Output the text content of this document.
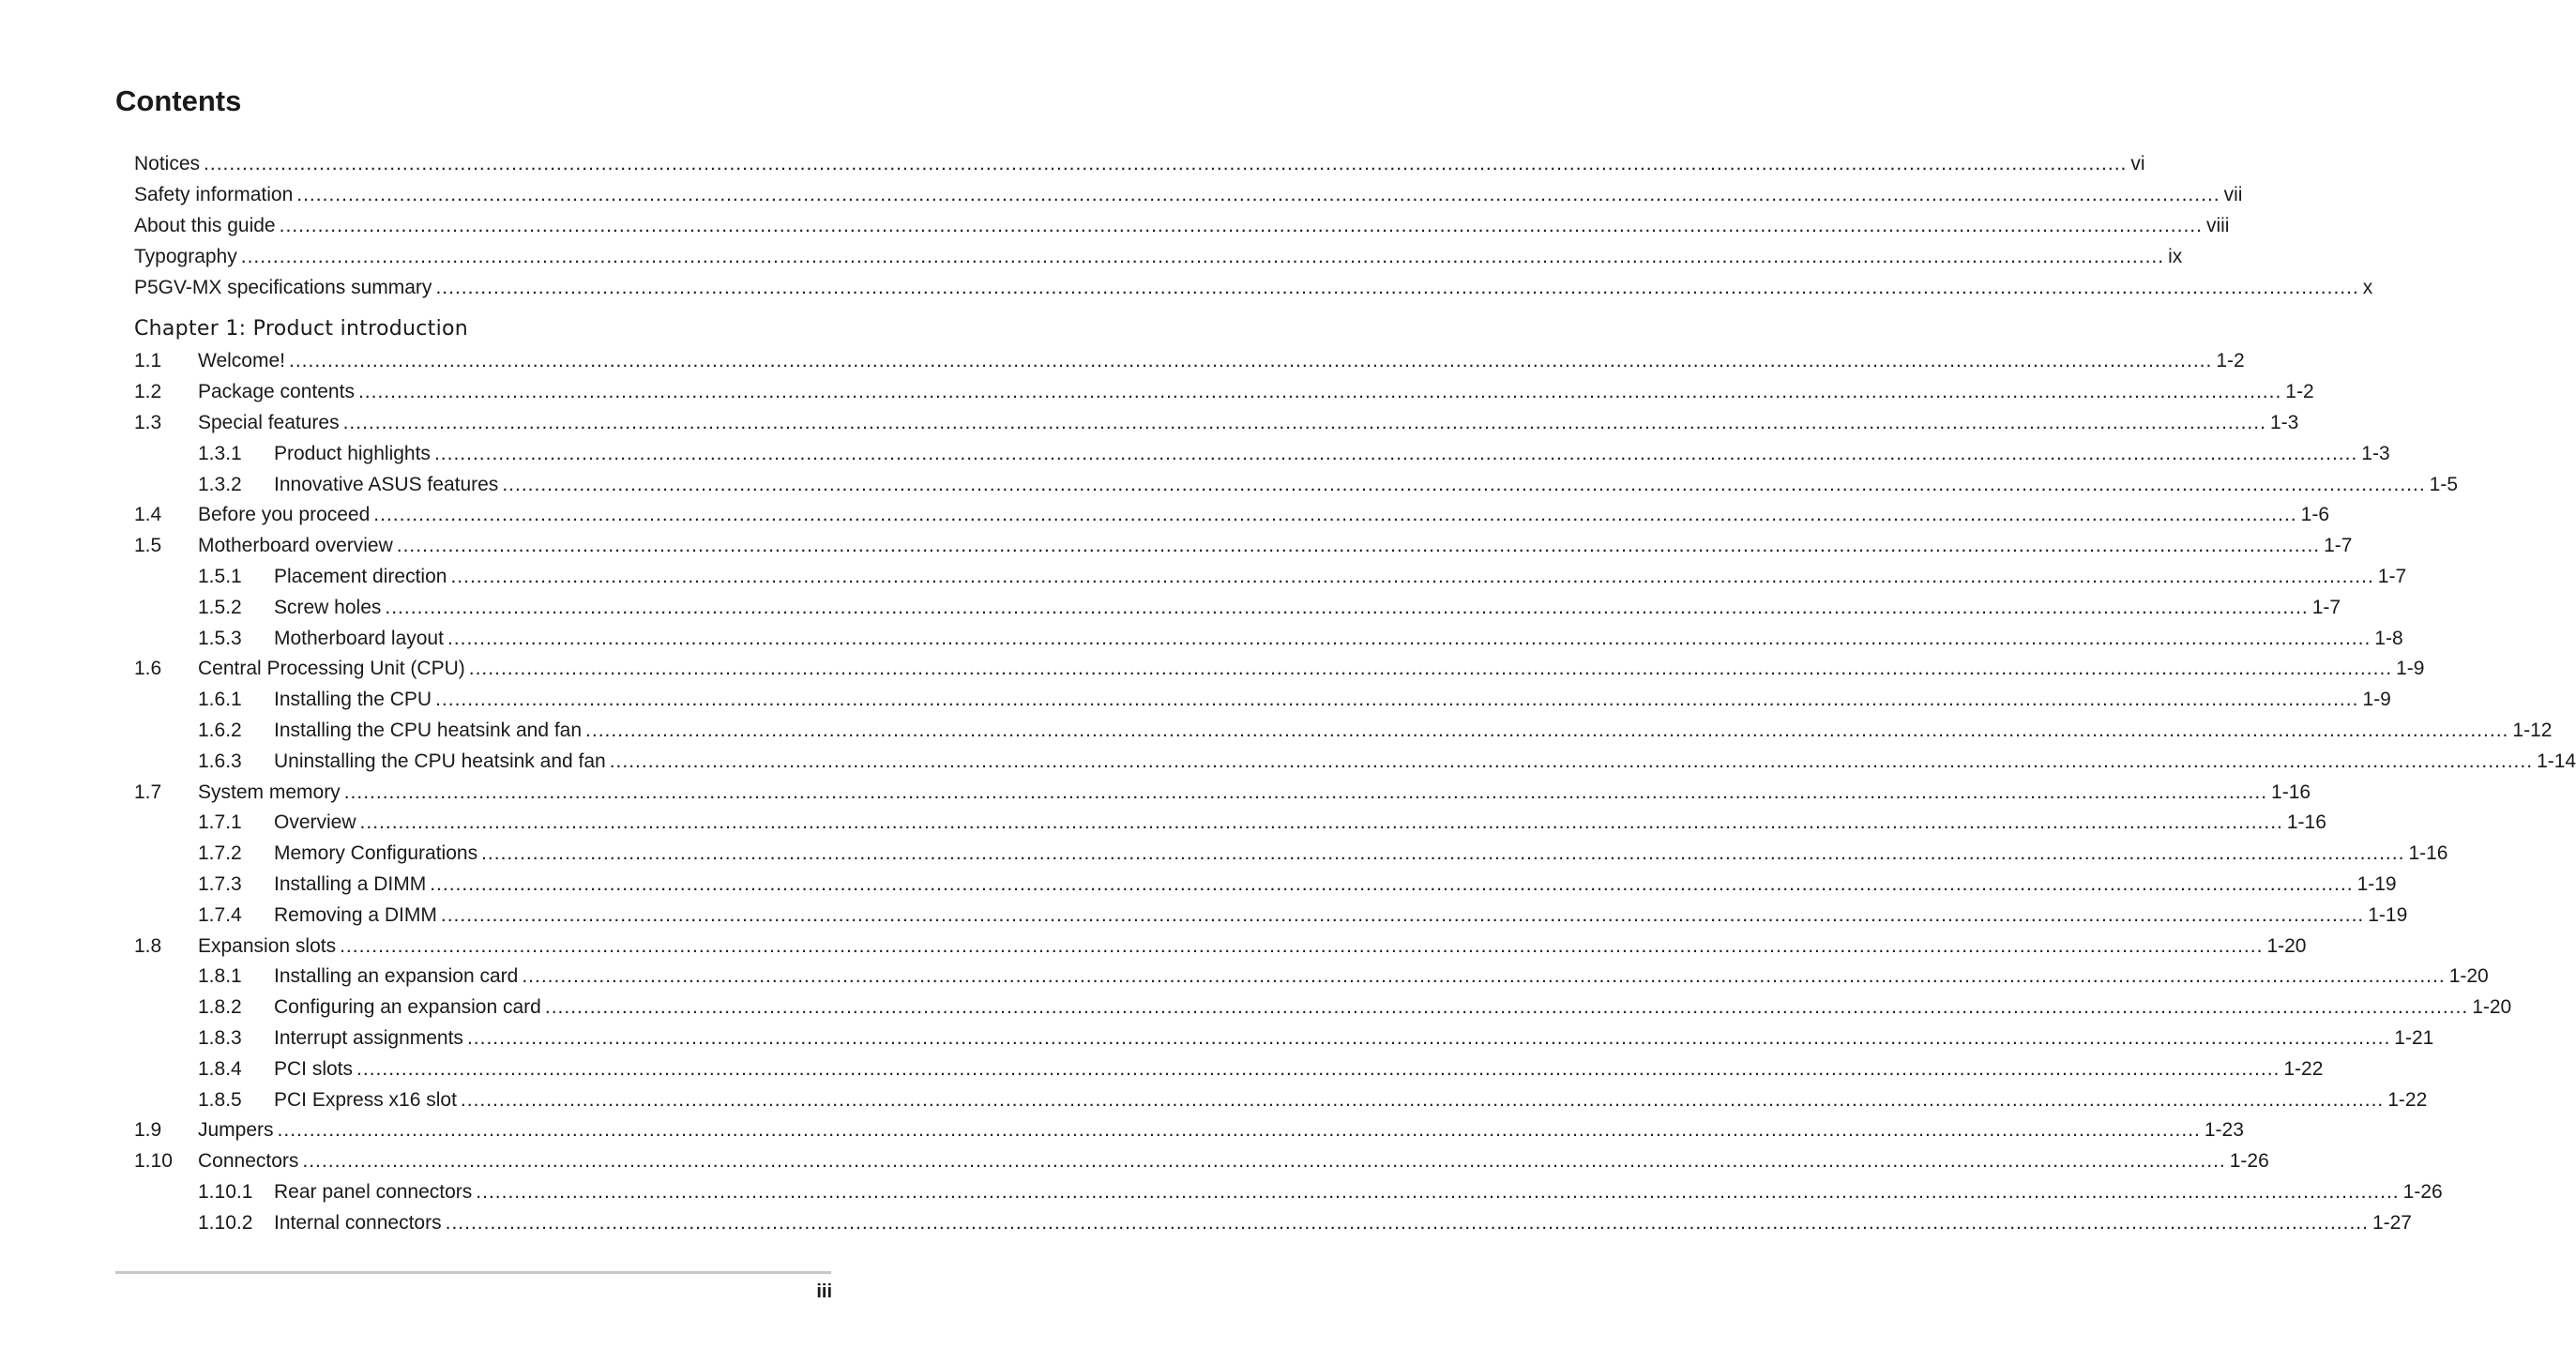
Contents
Notices ............................................................................................................................................................................................................................................................................................................ vi
Safety information ............................................................................................................................................................................................................................................................................................................ vii
About this guide ............................................................................................................................................................................................................................................................................................................ viii
Typography ............................................................................................................................................................................................................................................................................................................ ix
P5GV-MX specifications summary ............................................................................................................................................................................................................................................................................................................ x
Chapter 1: Product introduction
1.1	Welcome! ............................................................................................................................................................................................................................................................................................................ 1-2
1.2	Package contents ............................................................................................................................................................................................................................................................................................................ 1-2
1.3	Special features ............................................................................................................................................................................................................................................................................................................ 1-3
1.3.1	Product highlights ............................................................................................................................................................................................................................................................................................................ 1-3
1.3.2	Innovative ASUS features ............................................................................................................................................................................................................................................................................................................ 1-5
1.4	Before you proceed ............................................................................................................................................................................................................................................................................................................ 1-6
1.5	Motherboard overview ............................................................................................................................................................................................................................................................................................................ 1-7
1.5.1	Placement direction ............................................................................................................................................................................................................................................................................................................ 1-7
1.5.2	Screw holes ............................................................................................................................................................................................................................................................................................................ 1-7
1.5.3	Motherboard layout ............................................................................................................................................................................................................................................................................................................ 1-8
1.6	Central Processing Unit (CPU) ............................................................................................................................................................................................................................................................................................................ 1-9
1.6.1	Installing the CPU ............................................................................................................................................................................................................................................................................................................ 1-9
1.6.2	Installing the CPU heatsink and fan ............................................................................................................................................................................................................................................................................................................ 1-12
1.6.3	Uninstalling the CPU heatsink and fan ............................................................................................................................................................................................................................................................................................................ 1-14
1.7	System memory ............................................................................................................................................................................................................................................................................................................ 1-16
1.7.1	Overview ............................................................................................................................................................................................................................................................................................................ 1-16
1.7.2	Memory Configurations ............................................................................................................................................................................................................................................................................................................ 1-16
1.7.3	Installing a DIMM ............................................................................................................................................................................................................................................................................................................ 1-19
1.7.4	Removing a DIMM ............................................................................................................................................................................................................................................................................................................ 1-19
1.8	Expansion slots ............................................................................................................................................................................................................................................................................................................ 1-20
1.8.1	Installing an expansion card ............................................................................................................................................................................................................................................................................................................ 1-20
1.8.2	Configuring an expansion card ............................................................................................................................................................................................................................................................................................................ 1-20
1.8.3	Interrupt assignments ............................................................................................................................................................................................................................................................................................................ 1-21
1.8.4	PCI slots ............................................................................................................................................................................................................................................................................................................ 1-22
1.8.5	PCI Express x16 slot ............................................................................................................................................................................................................................................................................................................ 1-22
1.9	Jumpers ............................................................................................................................................................................................................................................................................................................ 1-23
1.10	Connectors ............................................................................................................................................................................................................................................................................................................ 1-26
1.10.1	Rear panel connectors ............................................................................................................................................................................................................................................................................................................ 1-26
1.10.2	Internal connectors ............................................................................................................................................................................................................................................................................................................ 1-27
iii
